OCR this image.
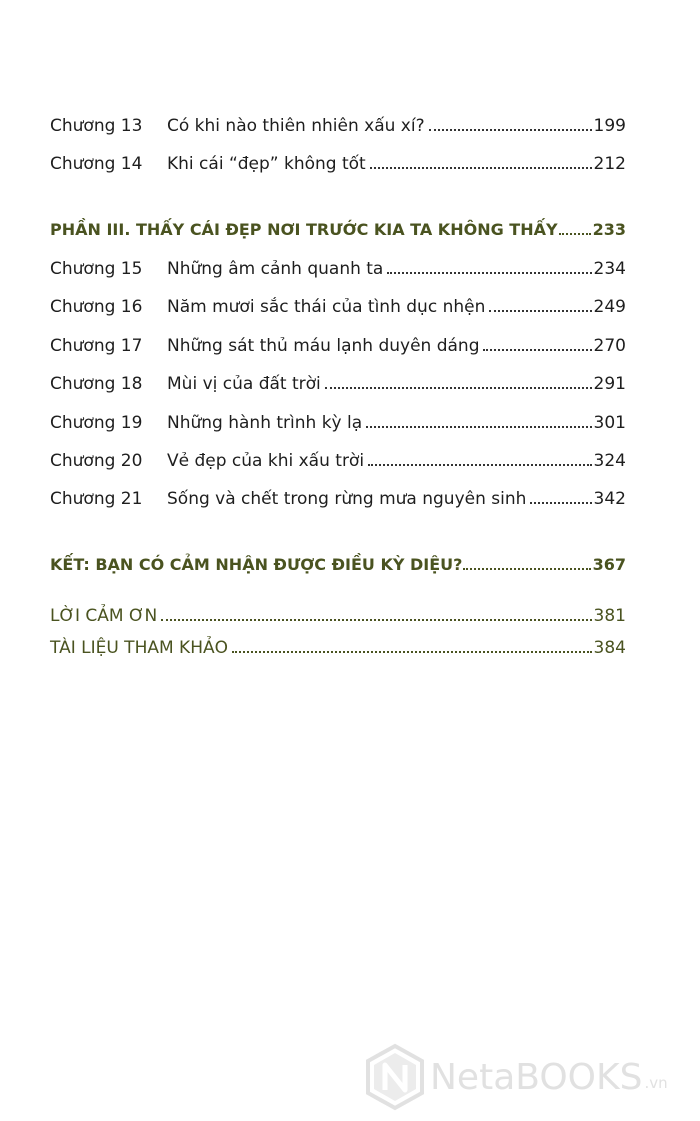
Chương 13	Có khi nào thiên nhiên xấu xí?	199
Chương 14	Khi cái “đẹp” không tốt	212
PHẦN III. THẤY CÁI ĐẸP NƠI TRƯỚC KIA TA KHÔNG THẤY 233
Chương 15	Những âm cảnh quanh ta	234
Chương 16	Năm mươi sắc thái của tình dục nhện	249
Chương 17	Những sát thủ máu lạnh duyên dáng	270
Chương 18	Mùi vị của đất trời	291
Chương 19	Những hành trình kỳ lạ	301
Chương 20	Vẻ đẹp của khi xấu trời	324
Chương 21	Sống và chết trong rừng mưa nguyên sinh	342
KẾT: BẠN CÓ CẢM NHẬN ĐƯỢC ĐIỀU KỲ DIỆU?	367
LỜI CẢM ƠN	381
TÀI LIỆU THAM KHẢO	384
NetaBOOKS .vn
